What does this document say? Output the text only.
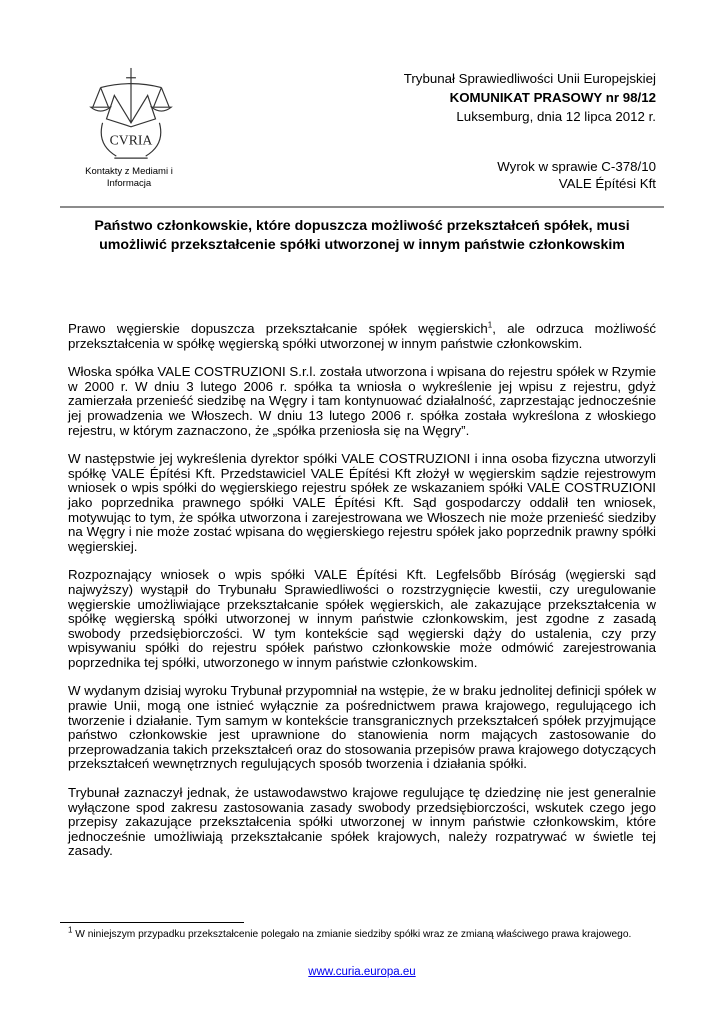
CVRIA
Kontakty z Mediami i
Informacja
Trybunał Sprawiedliwości Unii Europejskiej
KOMUNIKAT PRASOWY nr 98/12
Luksemburg, dnia 12 lipca 2012 r.
Wyrok w sprawie C-378/10
VALE Építési Kft
Państwo członkowskie, które dopuszcza możliwość przekształceń spółek, musi
umożliwić przekształcenie spółki utworzonej w innym państwie członkowskim

Prawo węgierskie dopuszcza przekształcanie spółek węgierskich$^1$, ale odrzuca możliwość przekształcenia w spółkę węgierską spółki utworzonej w innym państwie członkowskim.

Włoska spółka VALE COSTRUZIONI S.r.l. została utworzona i wpisana do rejestru spółek w Rzymie w 2000 r. W dniu 3 lutego 2006 r. spółka ta wniosła o wykreślenie jej wpisu z rejestru, gdyż zamierzała przenieść siedzibę na Węgry i tam kontynuować działalność, zaprzestając jednocześnie jej prowadzenia we Włoszech. W dniu 13 lutego 2006 r. spółka została wykreślona z włoskiego rejestru, w którym zaznaczono, że „spółka przeniosła się na Węgry”.

W następstwie jej wykreślenia dyrektor spółki VALE COSTRUZIONI i inna osoba fizyczna utworzyli spółkę VALE Építési Kft. Przedstawiciel VALE Építési Kft złożył w węgierskim sądzie rejestrowym wniosek o wpis spółki do węgierskiego rejestru spółek ze wskazaniem spółki VALE COSTRUZIONI jako poprzednika prawnego spółki VALE Építési Kft. Sąd gospodarczy oddalił ten wniosek, motywując to tym, że spółka utworzona i zarejestrowana we Włoszech nie może przenieść siedziby na Węgry i nie może zostać wpisana do węgierskiego rejestru spółek jako poprzednik prawny spółki węgierskiej.

Rozpoznający wniosek o wpis spółki VALE Építési Kft. Legfelsőbb Bíróság (węgierski sąd najwyższy) wystąpił do Trybunału Sprawiedliwości o rozstrzygnięcie kwestii, czy uregulowanie węgierskie umożliwiające przekształcanie spółek węgierskich, ale zakazujące przekształcenia w spółkę węgierską spółki utworzonej w innym państwie członkowskim, jest zgodne z zasadą swobody przedsiębiorczości. W tym kontekście sąd węgierski dąży do ustalenia, czy przy wpisywaniu spółki do rejestru spółek państwo członkowskie może odmówić zarejestrowania poprzednika tej spółki, utworzonego w innym państwie członkowskim.

W wydanym dzisiaj wyroku Trybunał przypomniał na wstępie, że w braku jednolitej definicji spółek w prawie Unii, mogą one istnieć wyłącznie za pośrednictwem prawa krajowego, regulującego ich tworzenie i działanie. Tym samym w kontekście transgranicznych przekształceń spółek przyjmujące państwo członkowskie jest uprawnione do stanowienia norm mających zastosowanie do przeprowadzania takich przekształceń oraz do stosowania przepisów prawa krajowego dotyczących przekształceń wewnętrznych regulujących sposób tworzenia i działania spółki.

Trybunał zaznaczył jednak, że ustawodawstwo krajowe regulujące tę dziedzinę nie jest generalnie wyłączone spod zakresu zastosowania zasady swobody przedsiębiorczości, wskutek czego jego przepisy zakazujące przekształcenia spółki utworzonej w innym państwie członkowskim, które jednocześnie umożliwiają przekształcanie spółek krajowych, należy rozpatrywać w świetle tej zasady.

$^1$ W niniejszym przypadku przekształcenie polegało na zmianie siedziby spółki wraz ze zmianą właściwego prawa krajowego.
www.curia.europa.eu
